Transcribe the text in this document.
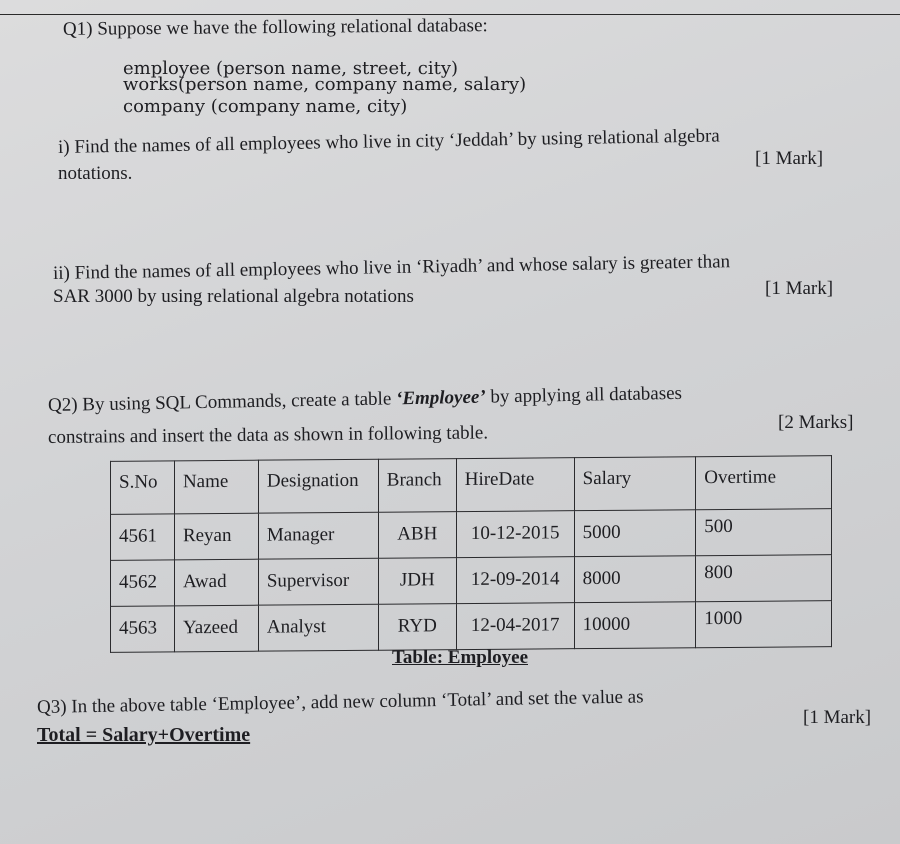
Q1) Suppose we have the following relational database:
employee (person name, street, city)
works(person name, company name, salary)
company (company name, city)
i) Find the names of all employees who live in city ‘Jeddah’ by using relational algebra
notations.
[1 Mark]
ii) Find the names of all employees who live in ‘Riyadh’ and whose salary is greater than
SAR 3000 by using relational algebra notations	[1 Mark]
Q2) By using SQL Commands, create a table ‘Employee’ by applying all databases
constrains and insert the data as shown in following table.	[2 Marks]
S.No	Name	Designation	Branch	HireDate	Salary	Overtime
4561	Reyan	Manager	ABH	10-12-2015	5000	500
4562	Awad	Supervisor	JDH	12-09-2014	8000	800
4563	Yazeed	Analyst	RYD	12-04-2017	10000	1000
Table: Employee
Q3) In the above table ‘Employee’, add new column ‘Total’ and set the value as
Total = Salary+Overtime
[1 Mark]
